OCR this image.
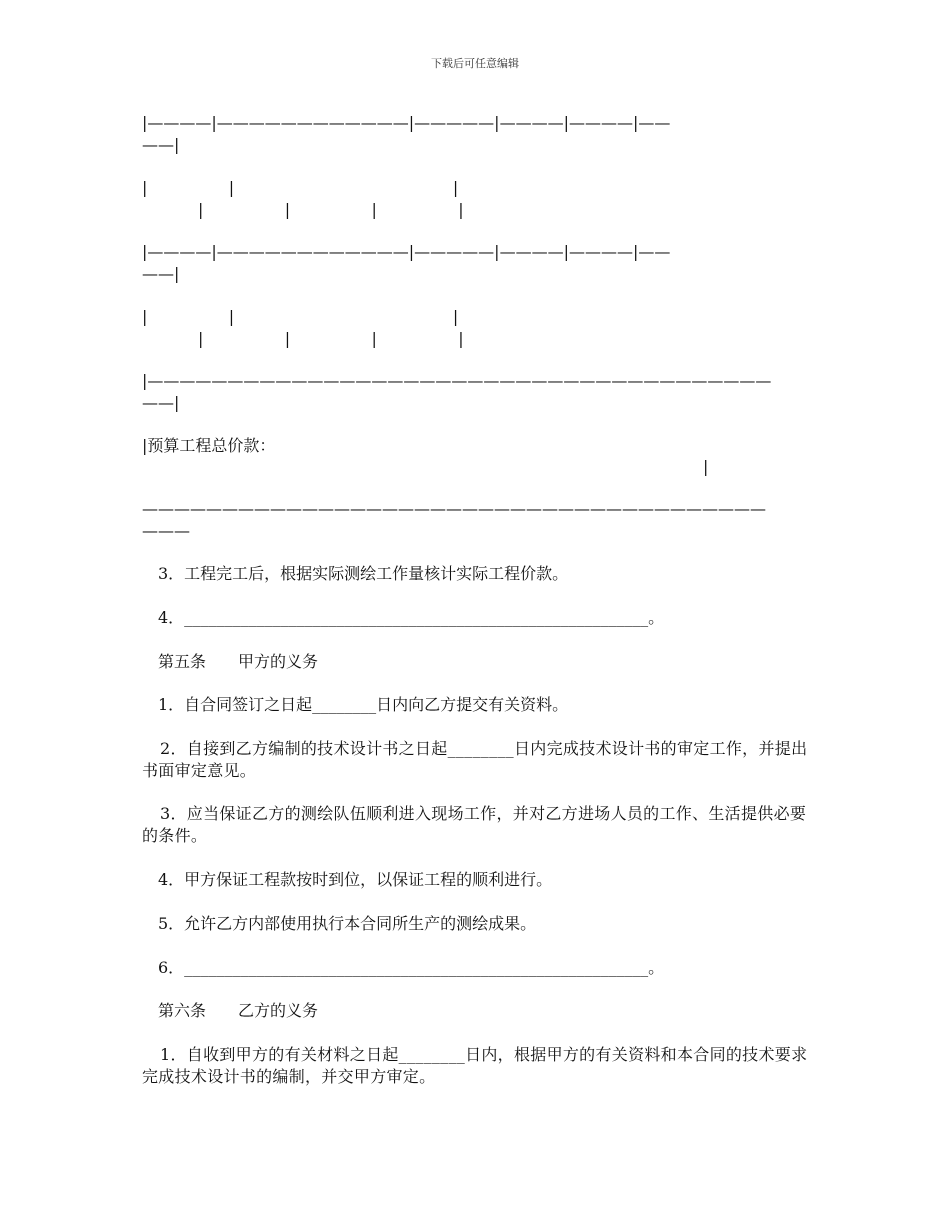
下载后可任意编辑
|————|————————————|—————|————|————|——
——|
|                |                                           |
|                |                |                |
|————|————————————|—————|————|————|——
——|
|                |                                           |
|                |                |                |
|———————————————————————————————————————
——|
|预算工程总价款：
|
———————————————————————————————————————
———
3．工程完工后，根据实际测绘工作量核计实际工程价款。
4．__________________________________________________________。
第五条　　甲方的义务
1．自合同签订之日起________日内向乙方提交有关资料。
2．自接到乙方编制的技术设计书之日起________日内完成技术设计书的审定工作，并提出书面审定意见。
3．应当保证乙方的测绘队伍顺利进入现场工作，并对乙方进场人员的工作、生活提供必要的条件。
4．甲方保证工程款按时到位，以保证工程的顺利进行。
5．允许乙方内部使用执行本合同所生产的测绘成果。
6．__________________________________________________________。
第六条　　乙方的义务
1．自收到甲方的有关材料之日起________日内，根据甲方的有关资料和本合同的技术要求完成技术设计书的编制，并交甲方审定。
